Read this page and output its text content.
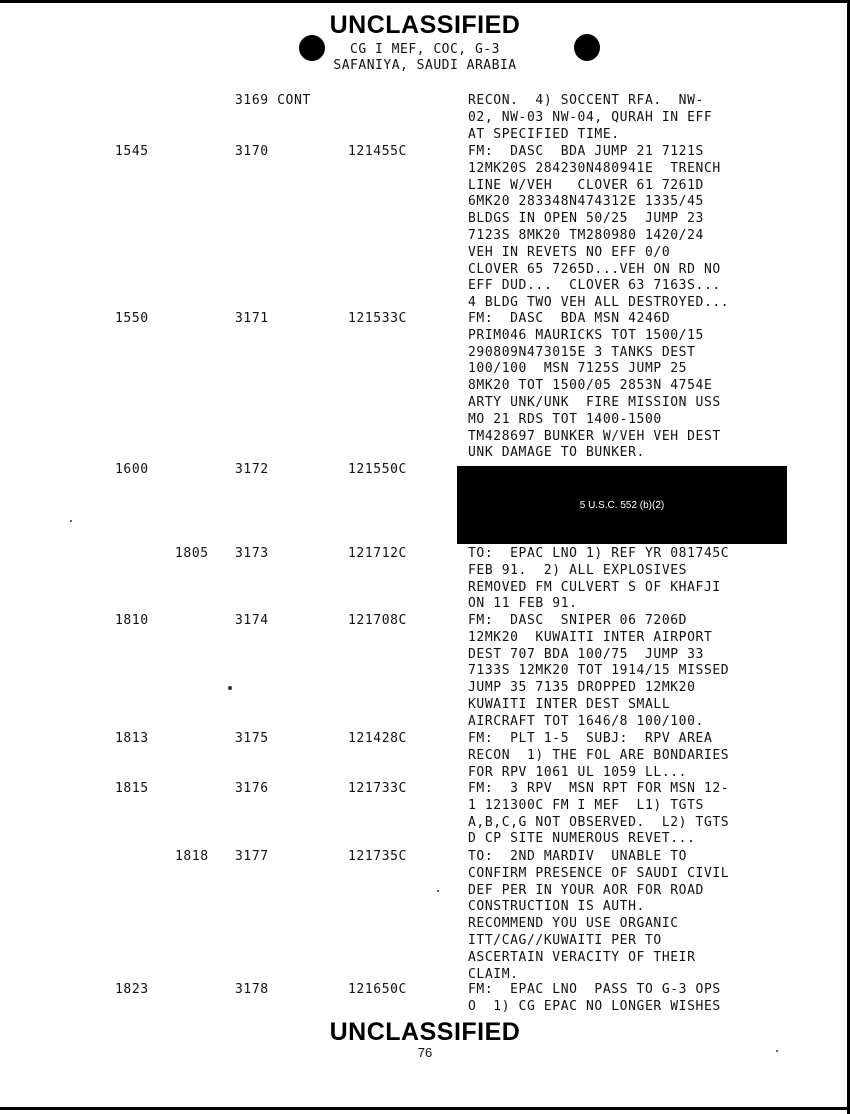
UNCLASSIFIED
CG I MEF, COC, G-3
SAFANIYA, SAUDI ARABIA
3169 CONT	RECON.  4) SOCCENT RFA.  NW-
02, NW-03 NW-04, QURAH IN EFF
AT SPECIFIED TIME.
1545	3170	121455C	FM:  DASC  BDA JUMP 21 7121S
12MK20S 284230N480941E  TRENCH
LINE W/VEH   CLOVER 61 7261D
6MK20 283348N474312E 1335/45
BLDGS IN OPEN 50/25  JUMP 23
7123S 8MK20 TM280980 1420/24
VEH IN REVETS NO EFF 0/0
CLOVER 65 7265D...VEH ON RD NO
EFF DUD...  CLOVER 63 7163S...
4 BLDG TWO VEH ALL DESTROYED...
1550	3171	121533C	FM:  DASC  BDA MSN 4246D
PRIM046 MAURICKS TOT 1500/15
290809N473015E 3 TANKS DEST
100/100  MSN 7125S JUMP 25
8MK20 TOT 1500/05 2853N 4754E
ARTY UNK/UNK  FIRE MISSION USS
MO 21 RDS TOT 1400-1500
TM428697 BUNKER W/VEH VEH DEST
UNK DAMAGE TO BUNKER.
1600	3172	121550C
1805 3173	121712C	TO:  EPAC LNO 1) REF YR 081745C
FEB 91.  2) ALL EXPLOSIVES
REMOVED FM CULVERT S OF KHAFJI
ON 11 FEB 91.
1810	3174	121708C	FM:  DASC  SNIPER 06 7206D
12MK20  KUWAITI INTER AIRPORT
DEST 707 BDA 100/75  JUMP 33
7133S 12MK20 TOT 1914/15 MISSED
JUMP 35 7135 DROPPED 12MK20
KUWAITI INTER DEST SMALL
AIRCRAFT TOT 1646/8 100/100.
1813	3175	121428C	FM:  PLT 1-5  SUBJ:  RPV AREA
RECON  1) THE FOL ARE BONDARIES
FOR RPV 1061 UL 1059 LL...
1815	3176	121733C	FM:  3 RPV  MSN RPT FOR MSN 12-
1 121300C FM I MEF  L1) TGTS
A,B,C,G NOT OBSERVED.  L2) TGTS
D CP SITE NUMEROUS REVET...
1818 3177	121735C	TO:  2ND MARDIV  UNABLE TO
CONFIRM PRESENCE OF SAUDI CIVIL
DEF PER IN YOUR AOR FOR ROAD
CONSTRUCTION IS AUTH.
RECOMMEND YOU USE ORGANIC
ITT/CAG//KUWAITI PER TO
ASCERTAIN VERACITY OF THEIR
CLAIM.
1823	3178	121650C	FM:  EPAC LNO  PASS TO G-3 OPS
O  1) CG EPAC NO LONGER WISHES
5 U.S.C. 552 (b)(2)
UNCLASSIFIED
76
